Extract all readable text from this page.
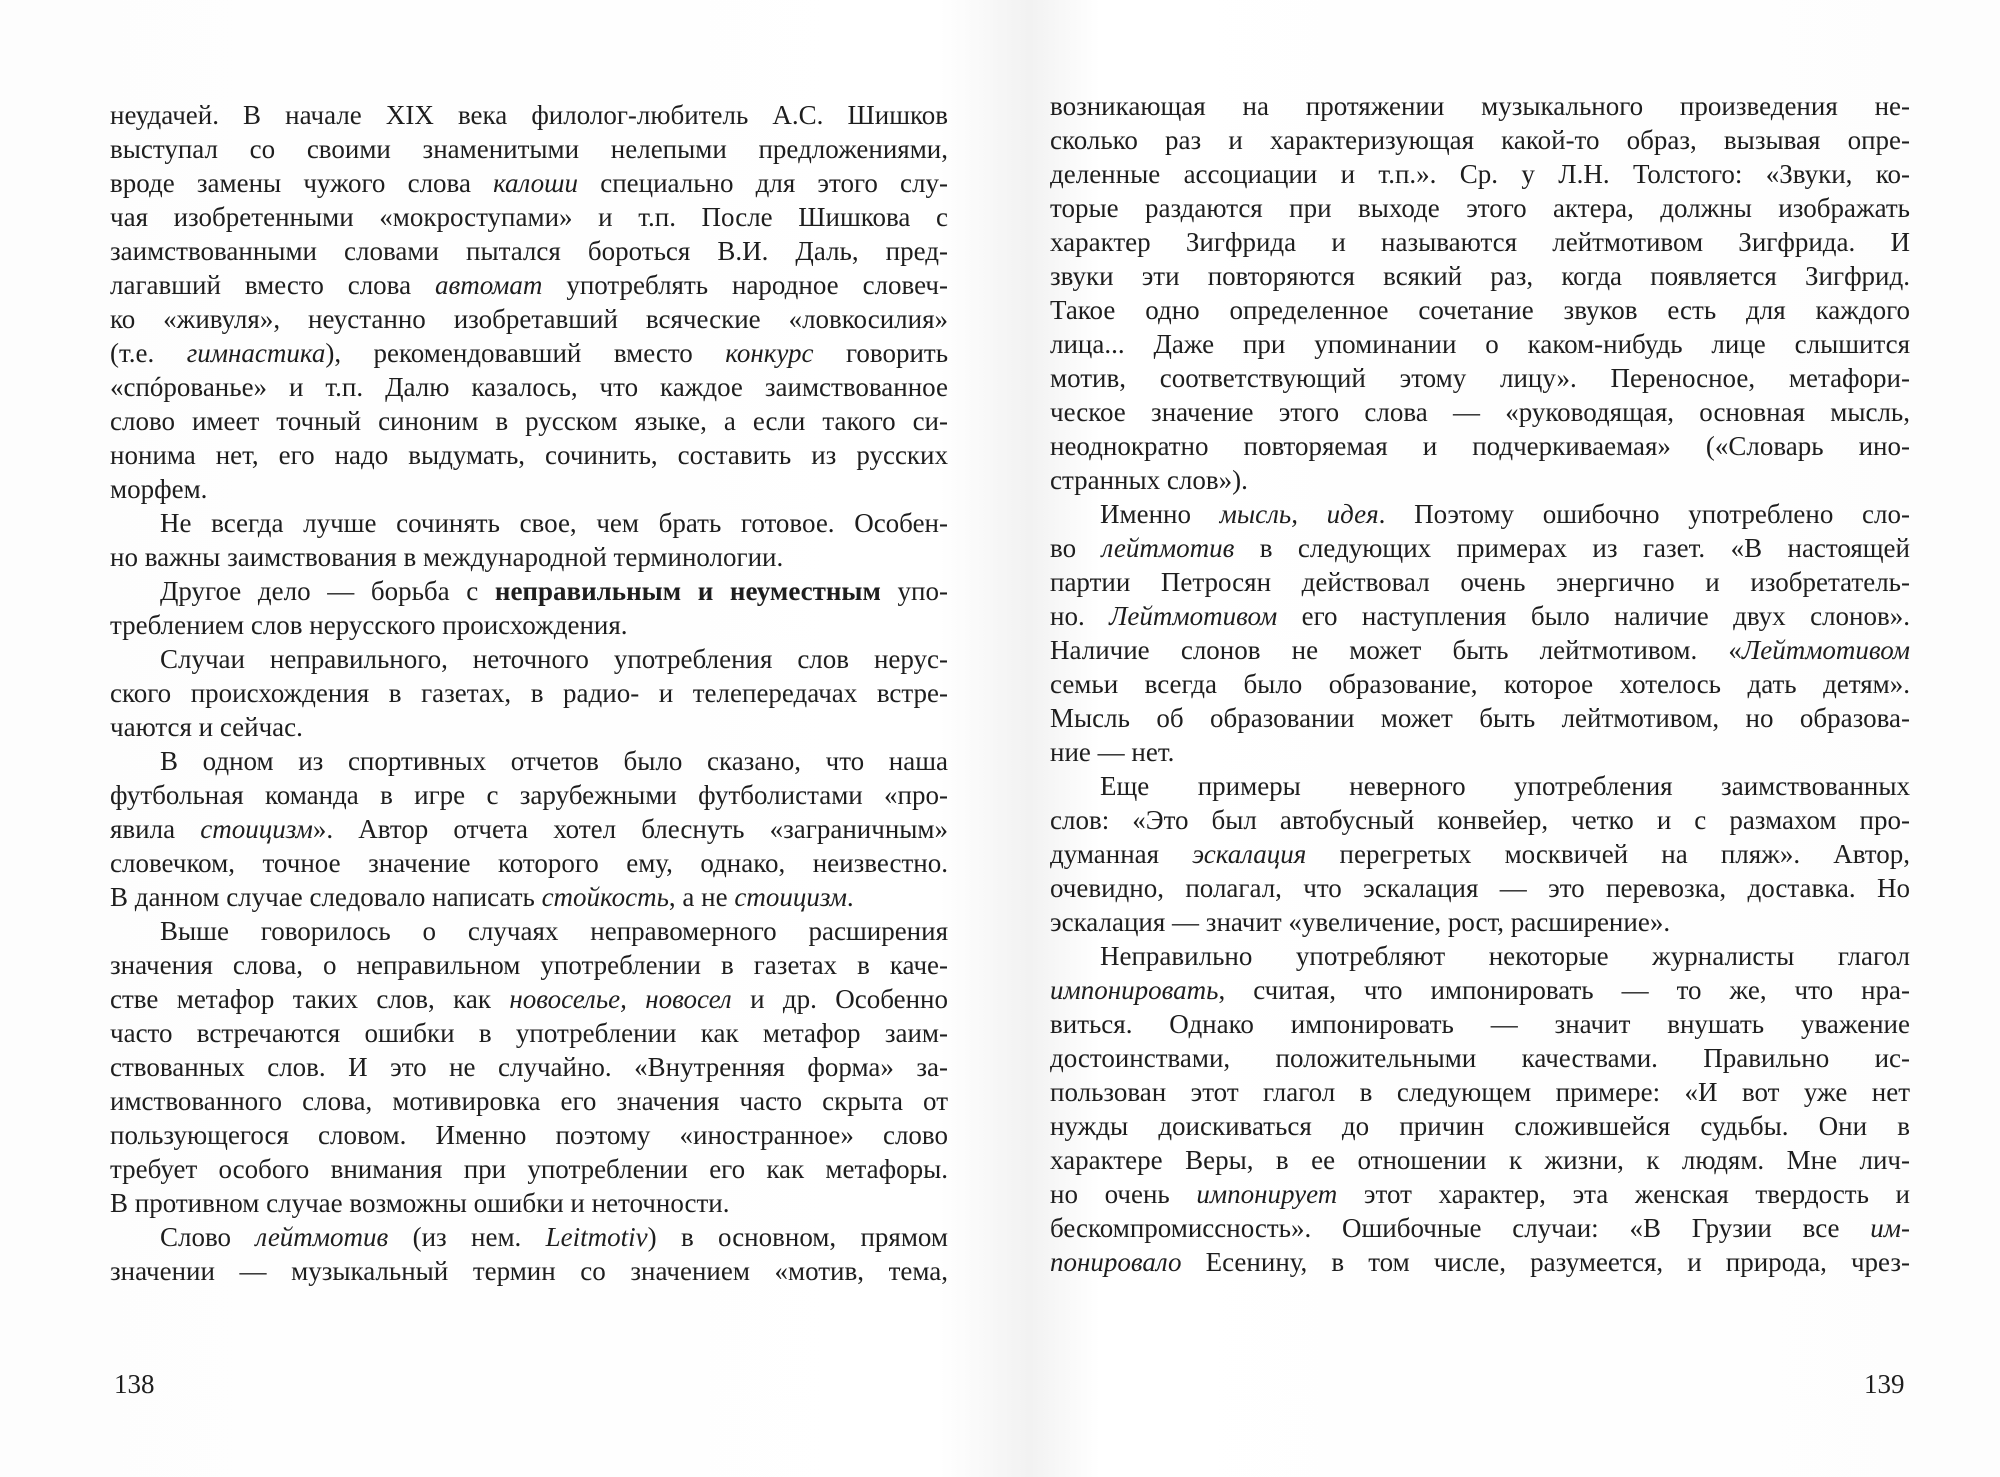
неудачей. В начале XIX века филолог-любитель А.С. Шишков
выступал со своими знаменитыми нелепыми предложениями,
вроде замены чужого слова калоши специально для этого слу-
чая изобретенными «мокроступами» и т.п. После Шишкова с
заимствованными словами пытался бороться В.И. Даль, пред-
лагавший вместо слова автомат употреблять народное словеч-
ко «живуля», неустанно изобретавший всяческие «ловкосилия»
(т.е. гимнастика), рекомендовавший вместо конкурс говорить
«спóрованье» и т.п. Далю казалось, что каждое заимствованное
слово имеет точный синоним в русском языке, а если такого си-
нонима нет, его надо выдумать, сочинить, составить из русских
морфем.
Не всегда лучше сочинять свое, чем брать готовое. Особен-
но важны заимствования в международной терминологии.
Другое дело — борьба с неправильным и неуместным упо-
треблением слов нерусского происхождения.
Случаи неправильного, неточного употребления слов нерус-
ского происхождения в газетах, в радио- и телепередачах встре-
чаются и сейчас.
В одном из спортивных отчетов было сказано, что наша
футбольная команда в игре с зарубежными футболистами «про-
явила стоицизм». Автор отчета хотел блеснуть «заграничным»
словечком, точное значение которого ему, однако, неизвестно.
В данном случае следовало написать стойкость, а не стоицизм.
Выше говорилось о случаях неправомерного расширения
значения слова, о неправильном употреблении в газетах в каче-
стве метафор таких слов, как новоселье, новосел и др. Особенно
часто встречаются ошибки в употреблении как метафор заим-
ствованных слов. И это не случайно. «Внутренняя форма» за-
имствованного слова, мотивировка его значения часто скрыта от
пользующегося словом. Именно поэтому «иностранное» слово
требует особого внимания при употреблении его как метафоры.
В противном случае возможны ошибки и неточности.
Слово лейтмотив (из нем. Leitmotiv) в основном, прямом
значении — музыкальный термин со значением «мотив, тема,
138
возникающая на протяжении музыкального произведения не-
сколько раз и характеризующая какой-то образ, вызывая опре-
деленные ассоциации и т.п.». Ср. у Л.Н. Толстого: «Звуки, ко-
торые раздаются при выходе этого актера, должны изображать
характер Зигфрида и называются лейтмотивом Зигфрида. И
звуки эти повторяются всякий раз, когда появляется Зигфрид.
Такое одно определенное сочетание звуков есть для каждого
лица... Даже при упоминании о каком-нибудь лице слышится
мотив, соответствующий этому лицу». Переносное, метафори-
ческое значение этого слова — «руководящая, основная мысль,
неоднократно повторяемая и подчеркиваемая» («Словарь ино-
странных слов»).
Именно мысль, идея. Поэтому ошибочно употреблено сло-
во лейтмотив в следующих примерах из газет. «В настоящей
партии Петросян действовал очень энергично и изобретатель-
но. Лейтмотивом его наступления было наличие двух слонов».
Наличие слонов не может быть лейтмотивом. «Лейтмотивом
семьи всегда было образование, которое хотелось дать детям».
Мысль об образовании может быть лейтмотивом, но образова-
ние — нет.
Еще примеры неверного употребления заимствованных
слов: «Это был автобусный конвейер, четко и с размахом про-
думанная эскалация перегретых москвичей на пляж». Автор,
очевидно, полагал, что эскалация — это перевозка, доставка. Но
эскалация — значит «увеличение, рост, расширение».
Неправильно употребляют некоторые журналисты глагол
импонировать, считая, что импонировать — то же, что нра-
виться. Однако импонировать — значит внушать уважение
достоинствами, положительными качествами. Правильно ис-
пользован этот глагол в следующем примере: «И вот уже нет
нужды доискиваться до причин сложившейся судьбы. Они в
характере Веры, в ее отношении к жизни, к людям. Мне лич-
но очень импонирует этот характер, эта женская твердость и
бескомпромиссность». Ошибочные случаи: «В Грузии все им-
понировало Есенину, в том числе, разумеется, и природа, чрез-
139
